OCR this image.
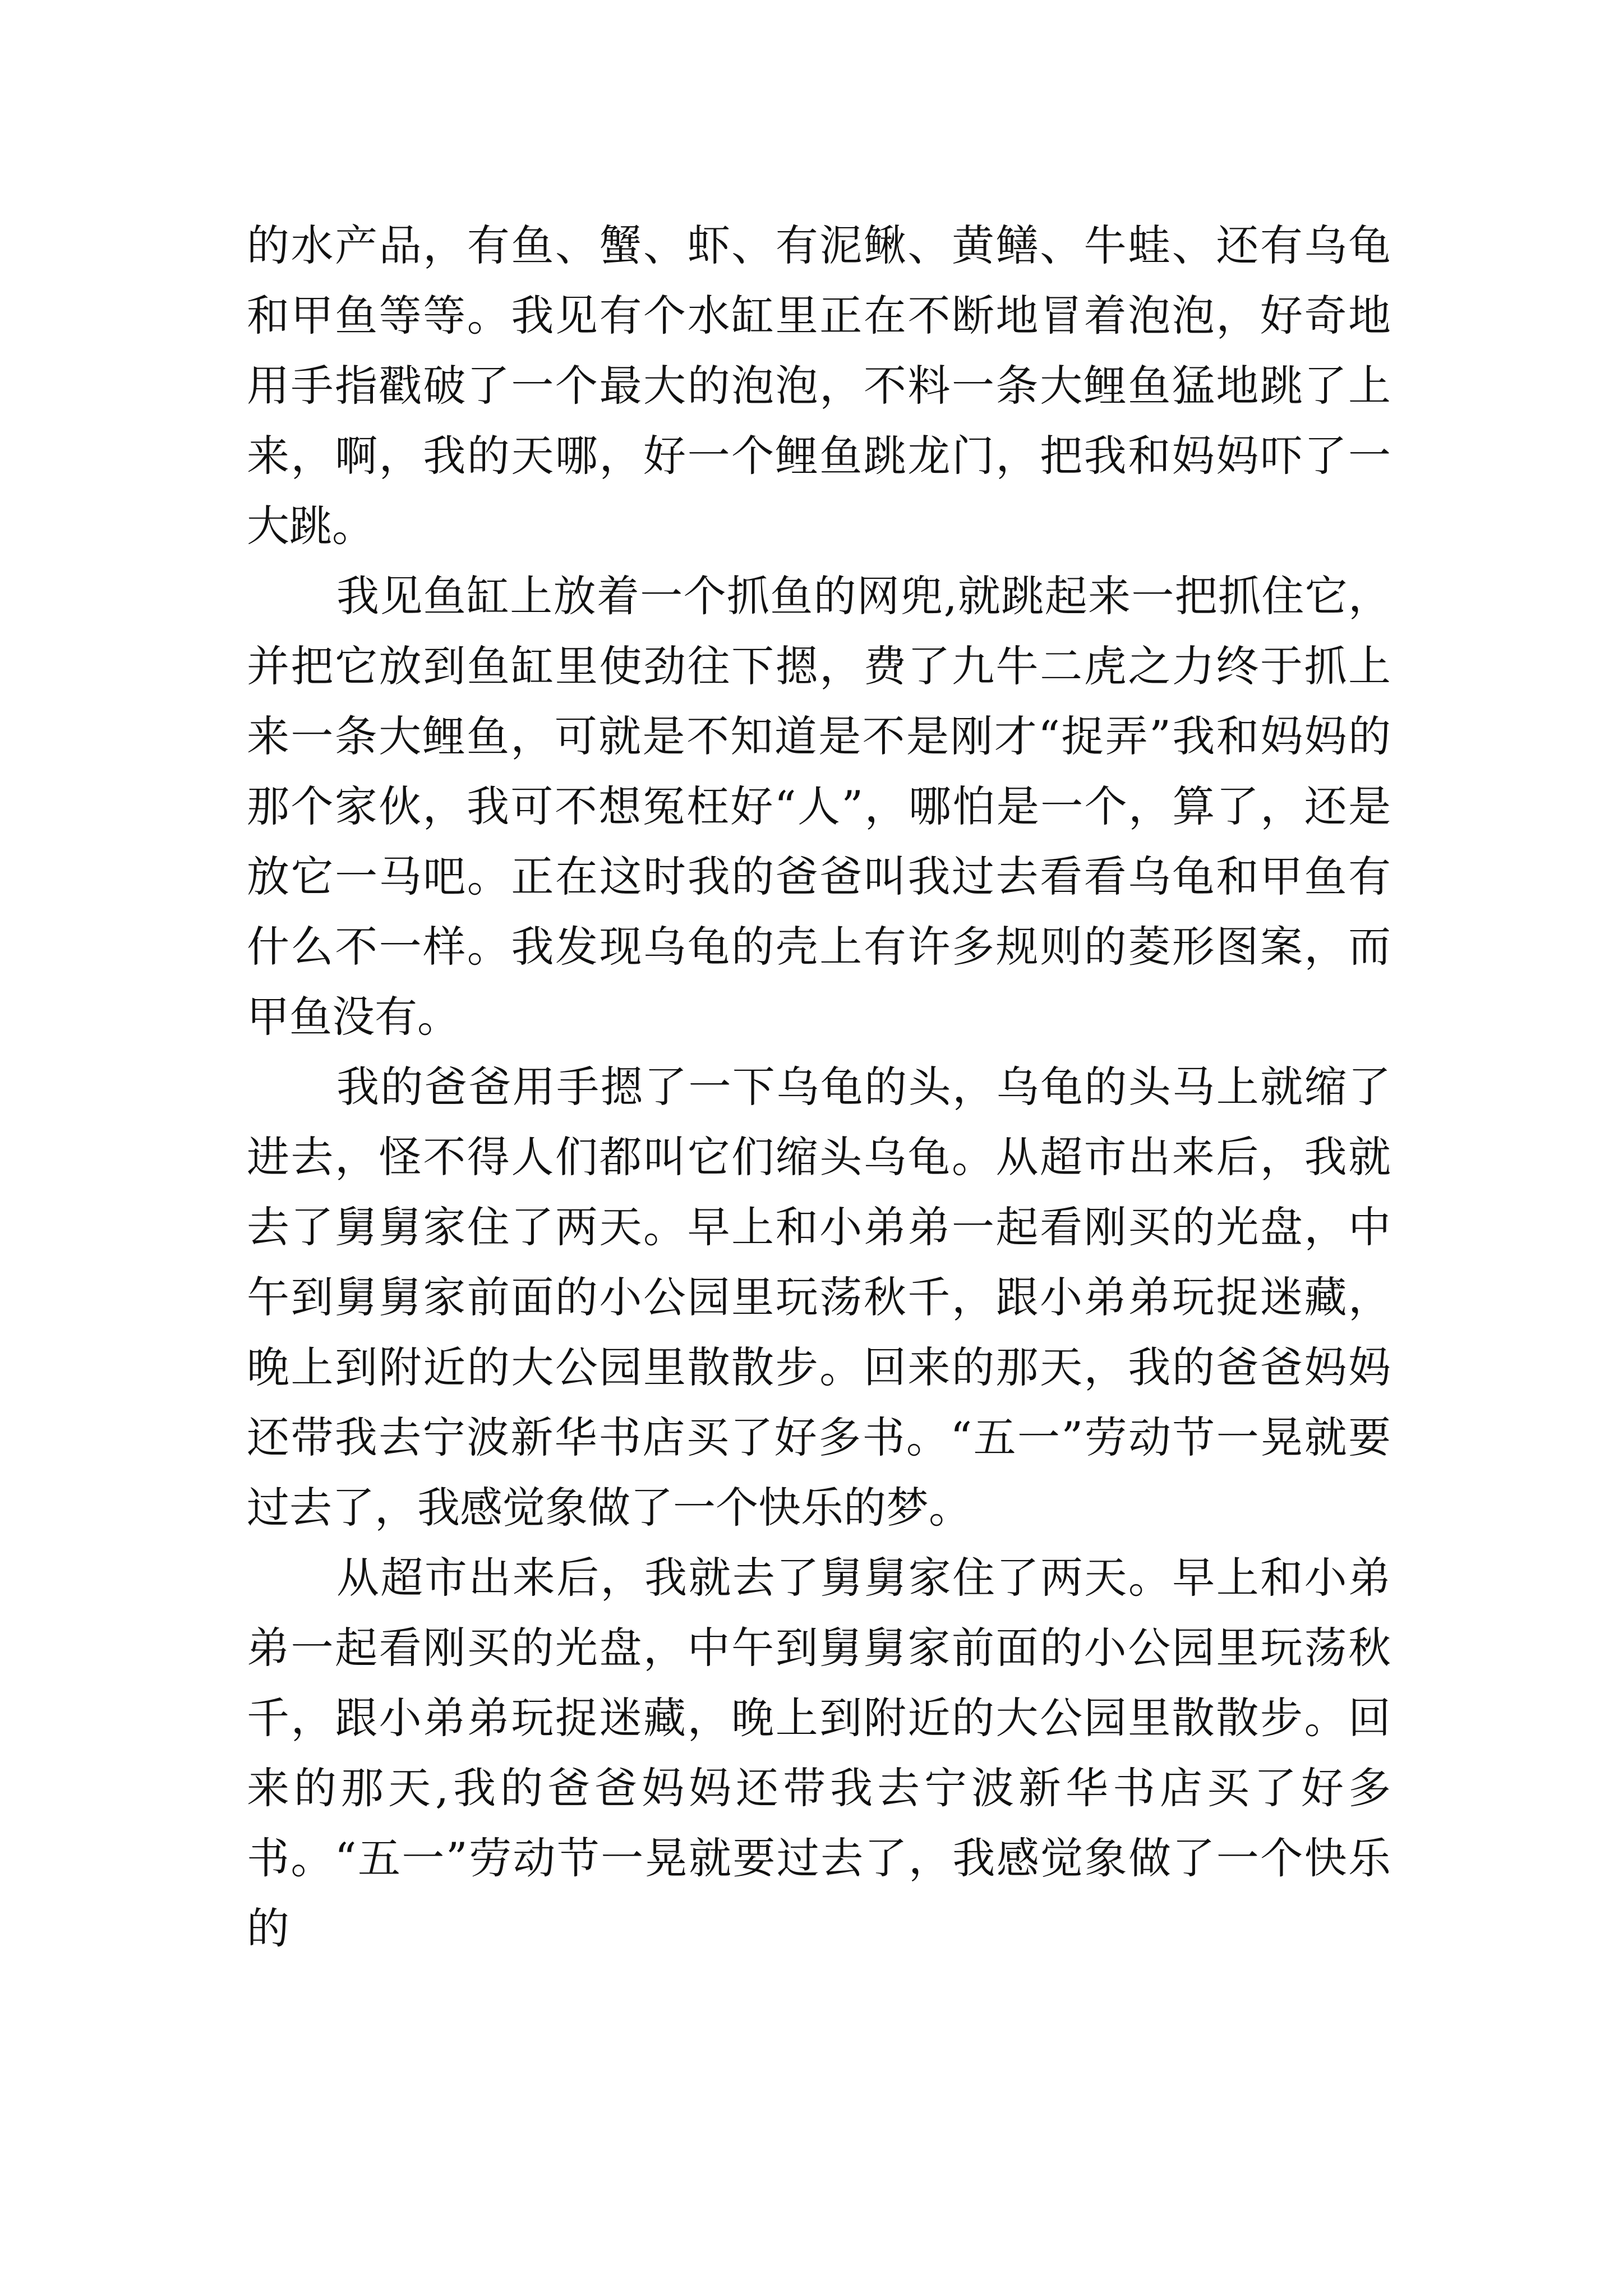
的水产品，有鱼、蟹、虾、有泥鳅、黄鳝、牛蛙、还有乌龟和甲鱼等等。我见有个水缸里正在不断地冒着泡泡，好奇地用手指戳破了一个最大的泡泡，不料一条大鲤鱼猛地跳了上来，啊，我的天哪，好一个鲤鱼跳龙门，把我和妈妈吓了一大跳。

我见鱼缸上放着一个抓鱼的网兜,就跳起来一把抓住它，并把它放到鱼缸里使劲往下摁，费了九牛二虎之力终于抓上来一条大鲤鱼，可就是不知道是不是刚才“捉弄”我和妈妈的那个家伙，我可不想冤枉好“人”，哪怕是一个，算了，还是放它一马吧。正在这时我的爸爸叫我过去看看乌龟和甲鱼有什么不一样。我发现乌龟的壳上有许多规则的菱形图案，而甲鱼没有。

我的爸爸用手摁了一下乌龟的头，乌龟的头马上就缩了进去，怪不得人们都叫它们缩头乌龟。从超市出来后，我就去了舅舅家住了两天。早上和小弟弟一起看刚买的光盘，中午到舅舅家前面的小公园里玩荡秋千，跟小弟弟玩捉迷藏，晚上到附近的大公园里散散步。回来的那天，我的爸爸妈妈还带我去宁波新华书店买了好多书。“五一”劳动节一晃就要过去了，我感觉象做了一个快乐的梦。

从超市出来后，我就去了舅舅家住了两天。早上和小弟弟一起看刚买的光盘，中午到舅舅家前面的小公园里玩荡秋千，跟小弟弟玩捉迷藏，晚上到附近的大公园里散散步。回来的那天,我的爸爸妈妈还带我去宁波新华书店买了好多书。“五一”劳动节一晃就要过去了，我感觉象做了一个快乐的
